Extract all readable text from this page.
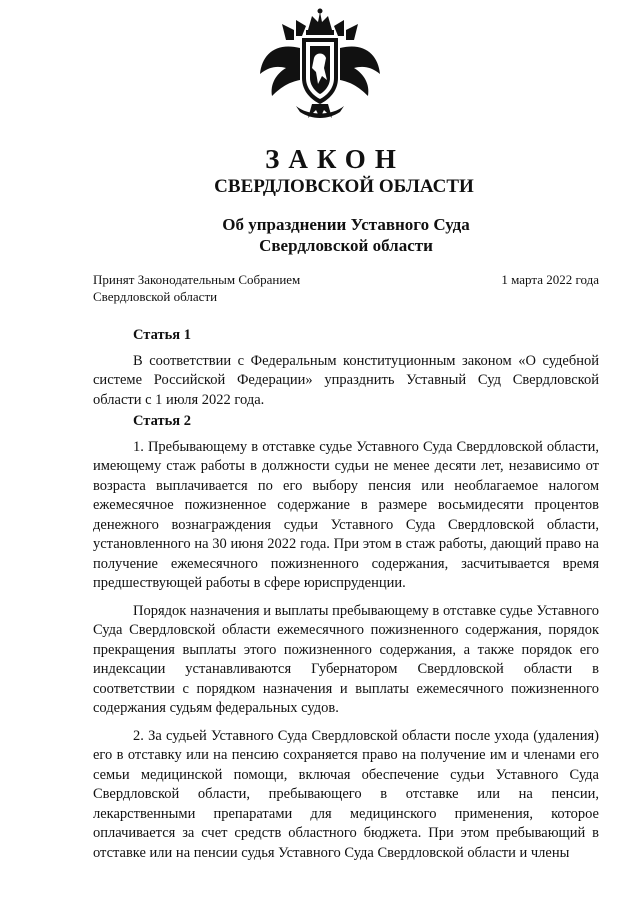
ЗАКОН
СВЕРДЛОВСКОЙ ОБЛАСТИ
Об упразднении Уставного Суда
Свердловской области
Принят Законодательным Собранием
Свердловской области
1 марта 2022 года
Статья 1

В соответствии с Федеральным конституционным законом «О судебной системе Российской Федерации» упразднить Уставный Суд Свердловской области с 1 июля 2022 года.

Статья 2

1. Пребывающему в отставке судье Уставного Суда Свердловской области, имеющему стаж работы в должности судьи не менее десяти лет, независимо от возраста выплачивается по его выбору пенсия или необлагаемое налогом ежемесячное пожизненное содержание в размере восьмидесяти процентов денежного вознаграждения судьи Уставного Суда Свердловской области, установленного на 30 июня 2022 года. При этом в стаж работы, дающий право на получение ежемесячного пожизненного содержания, засчитывается время предшествующей работы в сфере юриспруденции.

Порядок назначения и выплаты пребывающему в отставке судье Уставного Суда Свердловской области ежемесячного пожизненного содержания, порядок прекращения выплаты этого пожизненного содержания, а также порядок его индексации устанавливаются Губернатором Свердловской области в соответствии с порядком назначения и выплаты ежемесячного пожизненного содержания судьям федеральных судов.

2. За судьей Уставного Суда Свердловской области после ухода (удаления) его в отставку или на пенсию сохраняется право на получение им и членами его семьи медицинской помощи, включая обеспечение судьи Уставного Суда Свердловской области, пребывающего в отставке или на пенсии, лекарственными препаратами для медицинского применения, которое оплачивается за счет средств областного бюджета. При этом пребывающий в отставке или на пенсии судья Уставного Суда Свердловской области и члены
